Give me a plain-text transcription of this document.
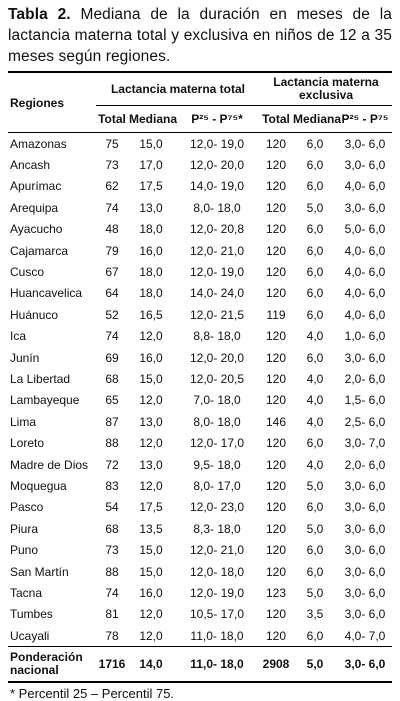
Tabla 2. Mediana de la duración en meses de la lactancia materna total y exclusiva en niños de 12 a 35 meses según regiones.

Regiones	Lactancia materna total			Lactancia materna exclusiva		
	Total	Mediana	P²⁵ - P⁷⁵*	Total	Mediana	P²⁵ - P⁷⁵
Amazonas	75	15,0	12,0- 19,0	120	6,0	3,0- 6,0
Ancash	73	17,0	12,0- 20,0	120	6,0	3,0- 6,0
Apurímac	62	17,5	14,0- 19,0	120	6,0	4,0- 6,0
Arequipa	74	13,0	8,0- 18,0	120	5,0	3,0- 6,0
Ayacucho	48	18,0	12,0- 20,8	120	6,0	5,0- 6,0
Cajamarca	79	16,0	12,0- 21,0	120	6,0	4,0- 6,0
Cusco	67	18,0	12,0- 19,0	120	6,0	4,0- 6,0
Huancavelica	64	18,0	14,0- 24,0	120	6,0	4,0- 6,0
Huánuco	52	16,5	12,0- 21,5	119	6,0	4,0- 6,0
Ica	74	12,0	8,8- 18,0	120	4,0	1,0- 6,0
Junín	69	16,0	12,0- 20,0	120	6,0	3,0- 6,0
La Libertad	68	15,0	12,0- 20,5	120	4,0	2,0- 6,0
Lambayeque	65	12,0	7,0- 18,0	120	4,0	1,5- 6,0
Lima	87	13,0	8,0- 18,0	146	4,0	2,5- 6,0
Loreto	88	12,0	12,0- 17,0	120	6,0	3,0- 7,0
Madre de Dios	72	13,0	9,5- 18,0	120	4,0	2,0- 6,0
Moquegua	83	12,0	8,0- 17,0	120	5,0	3,0- 6,0
Pasco	54	17,5	12,0- 23,0	120	6,0	3,0- 6,0
Piura	68	13,5	8,3- 18,0	120	5,0	3,0- 6,0
Puno	73	15,0	12,0- 21,0	120	6,0	3,0- 6,0
San Martín	88	15,0	12,0- 18,0	120	6,0	3,0- 6,0
Tacna	74	16,0	12,0- 19,0	123	5,0	3,0- 6,0
Tumbes	81	12,0	10,5- 17,0	120	3,5	3,0- 6,0
Ucayali	78	12,0	11,0- 18,0	120	6,0	4,0- 7,0
Ponderación nacional	1716	14,0	11,0- 18,0	2908	5,0	3,0- 6,0
* Percentil 25 – Percentil 75.
